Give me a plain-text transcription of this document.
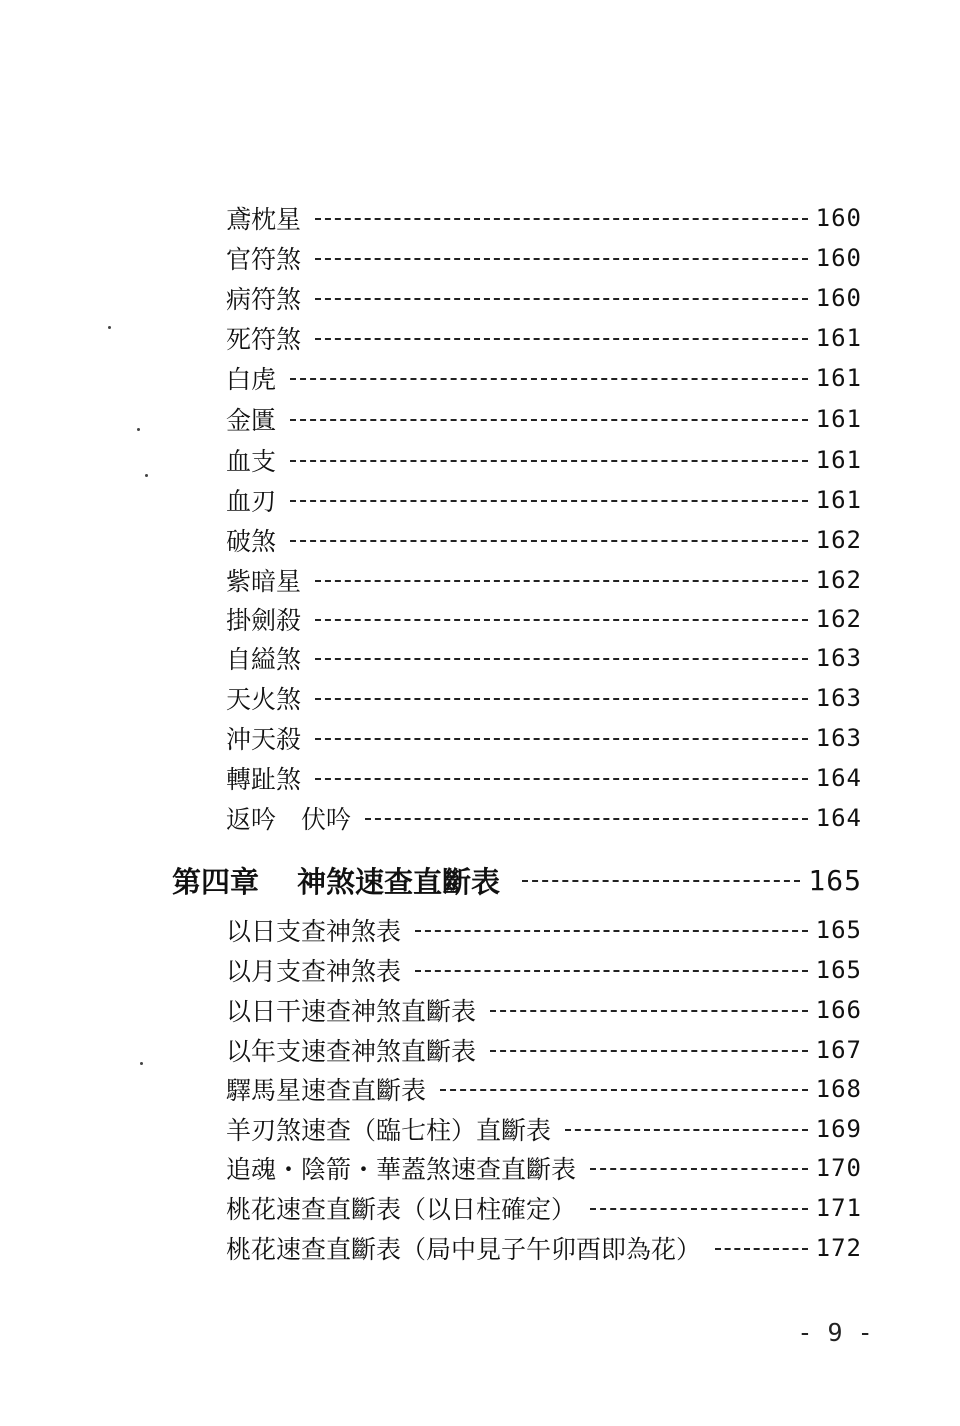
鳶枕星	160
官符煞	160
病符煞	160
死符煞	161
白虎	161
金匱	161
血支	161
血刃	161
破煞	162
紫暗星	162
掛劍殺	162
自縊煞	163
天火煞	163
沖天殺	163
轉趾煞	164
返吟　伏吟	164
第四章 神煞速查直斷表	165
以日支查神煞表	165
以月支查神煞表	165
以日干速查神煞直斷表	166
以年支速查神煞直斷表	167
驛馬星速查直斷表	168
羊刃煞速查（臨七柱）直斷表	169
追魂・陰箭・華蓋煞速查直斷表	170
桃花速查直斷表（以日柱確定）	171
桃花速查直斷表（局中見子午卯酉即為花）	172
- 9 -
